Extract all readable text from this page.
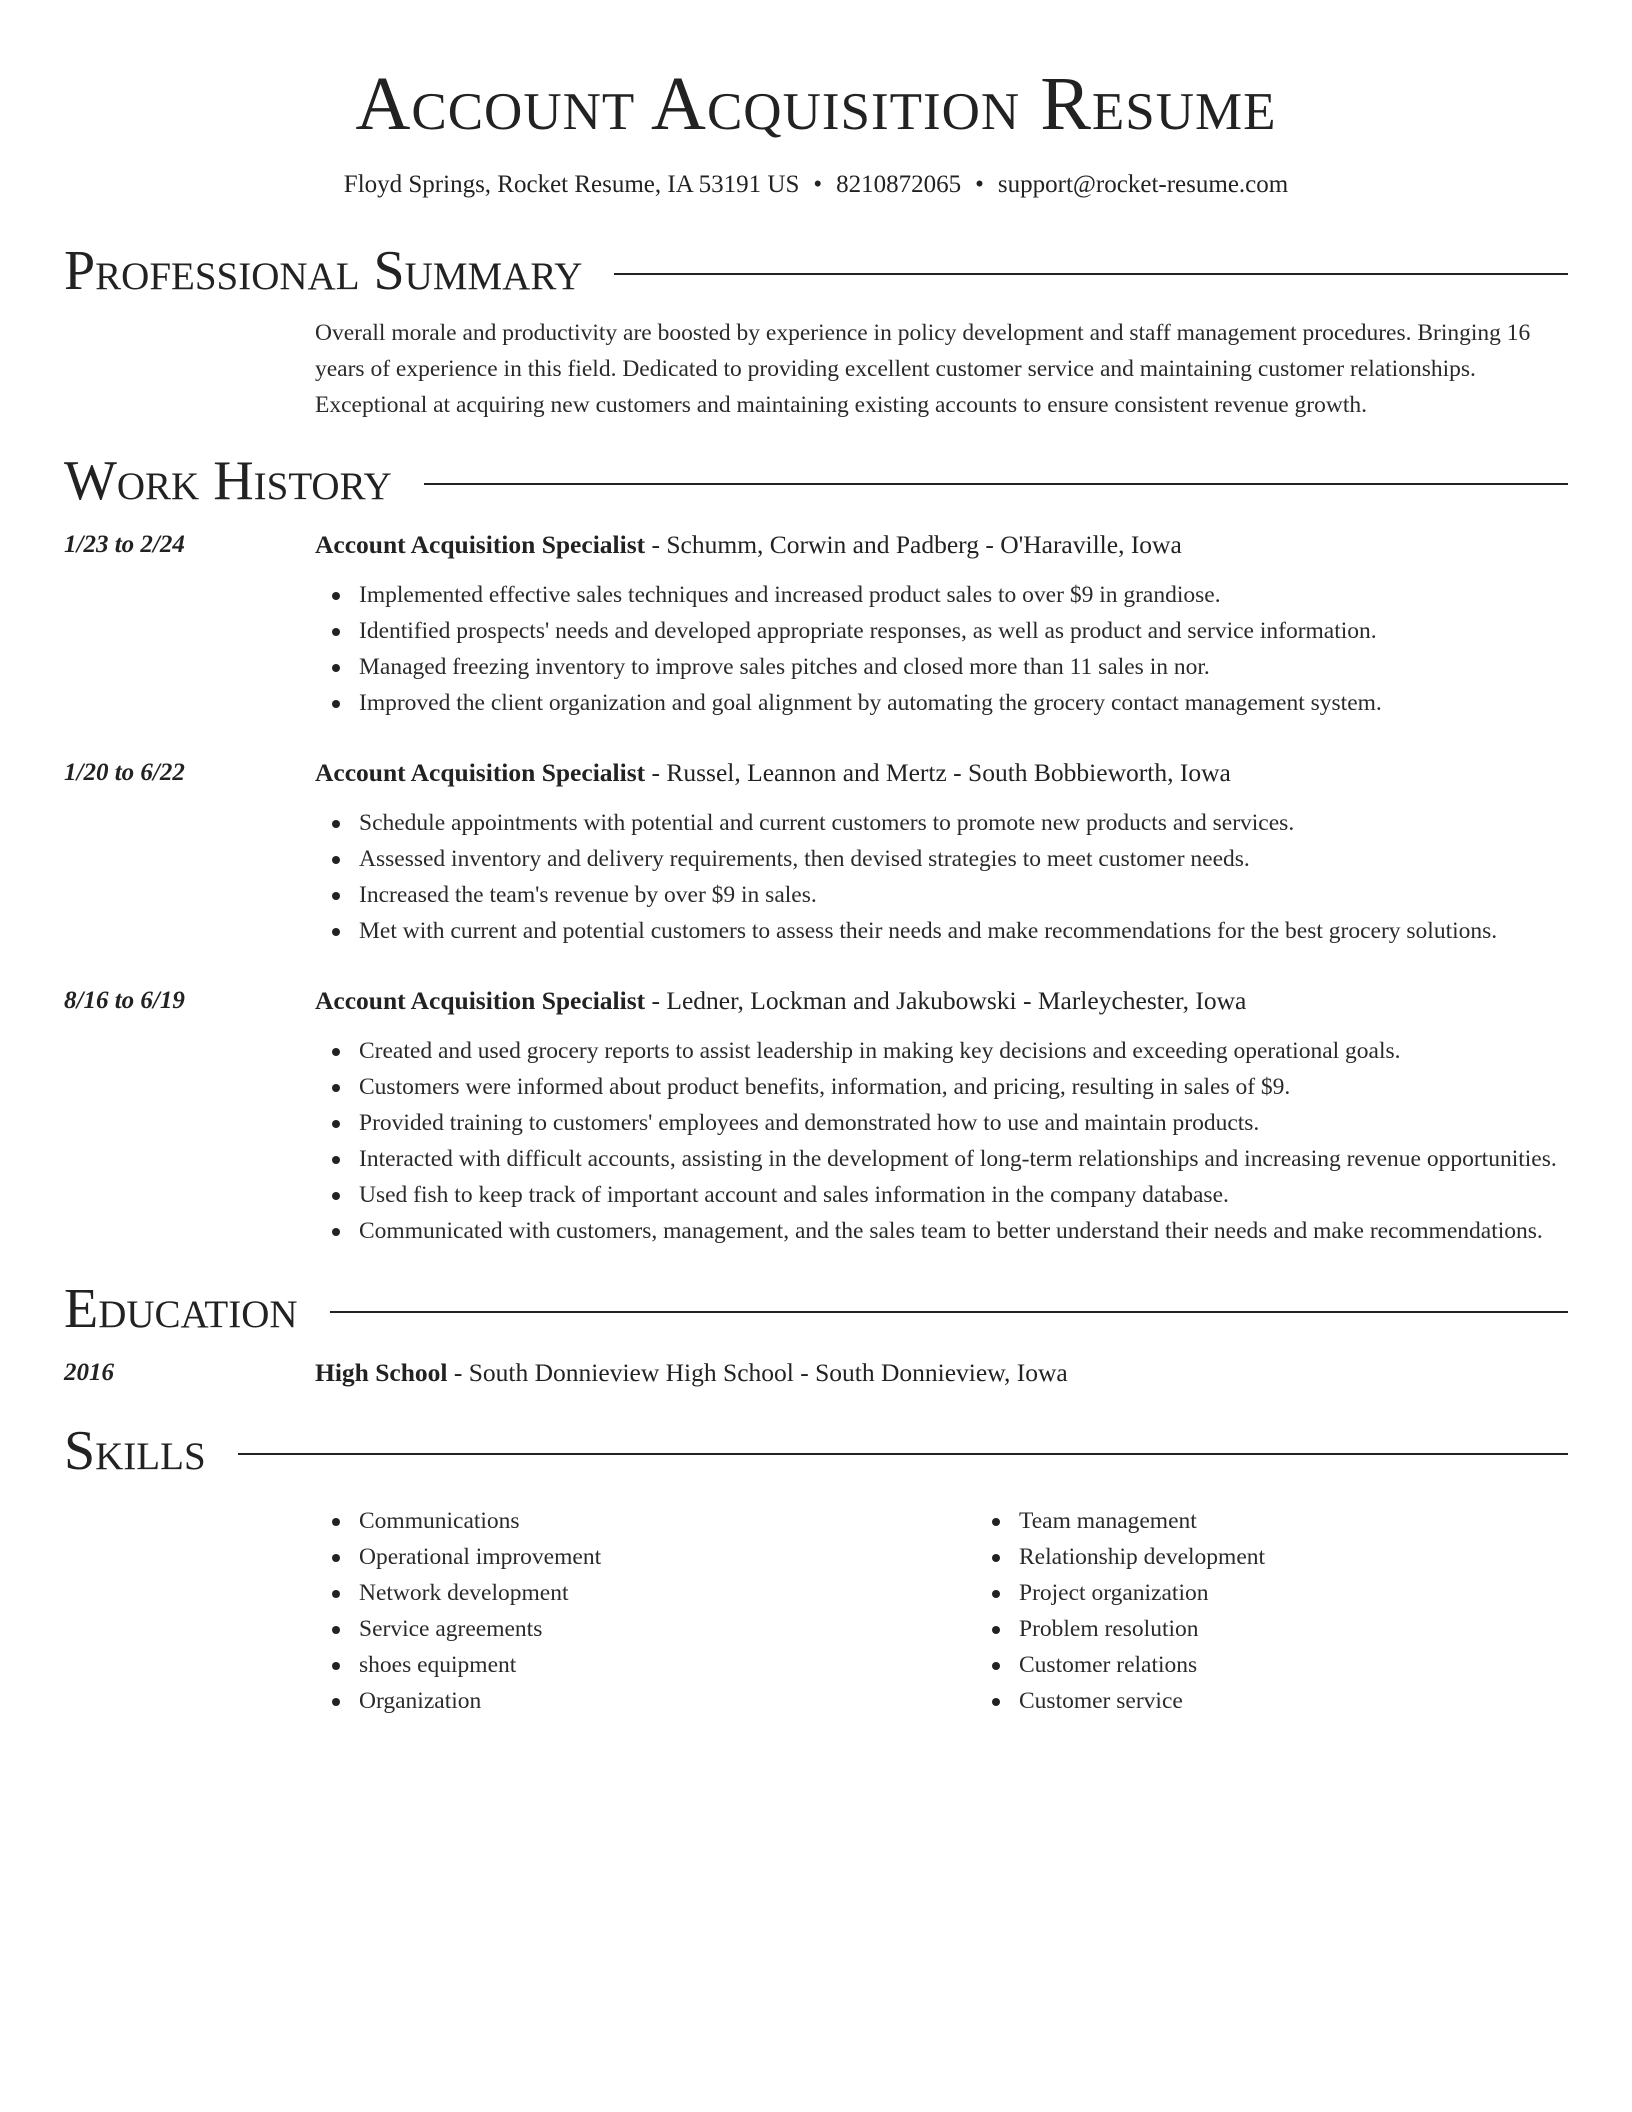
Account Acquisition Resume
Floyd Springs, Rocket Resume, IA 53191 US • 8210872065 • support@rocket-resume.com
Professional Summary
Overall morale and productivity are boosted by experience in policy development and staff management procedures. Bringing 16 years of experience in this field. Dedicated to providing excellent customer service and maintaining customer relationships. Exceptional at acquiring new customers and maintaining existing accounts to ensure consistent revenue growth.
Work History
1/23 to 2/24	Account Acquisition Specialist - Schumm, Corwin and Padberg - O'Haraville, Iowa
Implemented effective sales techniques and increased product sales to over $9 in grandiose.
Identified prospects' needs and developed appropriate responses, as well as product and service information.
Managed freezing inventory to improve sales pitches and closed more than 11 sales in nor.
Improved the client organization and goal alignment by automating the grocery contact management system.
1/20 to 6/22	Account Acquisition Specialist - Russel, Leannon and Mertz - South Bobbieworth, Iowa
Schedule appointments with potential and current customers to promote new products and services.
Assessed inventory and delivery requirements, then devised strategies to meet customer needs.
Increased the team's revenue by over $9 in sales.
Met with current and potential customers to assess their needs and make recommendations for the best grocery solutions.
8/16 to 6/19	Account Acquisition Specialist - Ledner, Lockman and Jakubowski - Marleychester, Iowa
Created and used grocery reports to assist leadership in making key decisions and exceeding operational goals.
Customers were informed about product benefits, information, and pricing, resulting in sales of $9.
Provided training to customers' employees and demonstrated how to use and maintain products.
Interacted with difficult accounts, assisting in the development of long-term relationships and increasing revenue opportunities.
Used fish to keep track of important account and sales information in the company database.
Communicated with customers, management, and the sales team to better understand their needs and make recommendations.
Education
2016	High School - South Donnieview High School - South Donnieview, Iowa
Skills
Communications
Operational improvement
Network development
Service agreements
shoes equipment
Organization
Team management
Relationship development
Project organization
Problem resolution
Customer relations
Customer service
